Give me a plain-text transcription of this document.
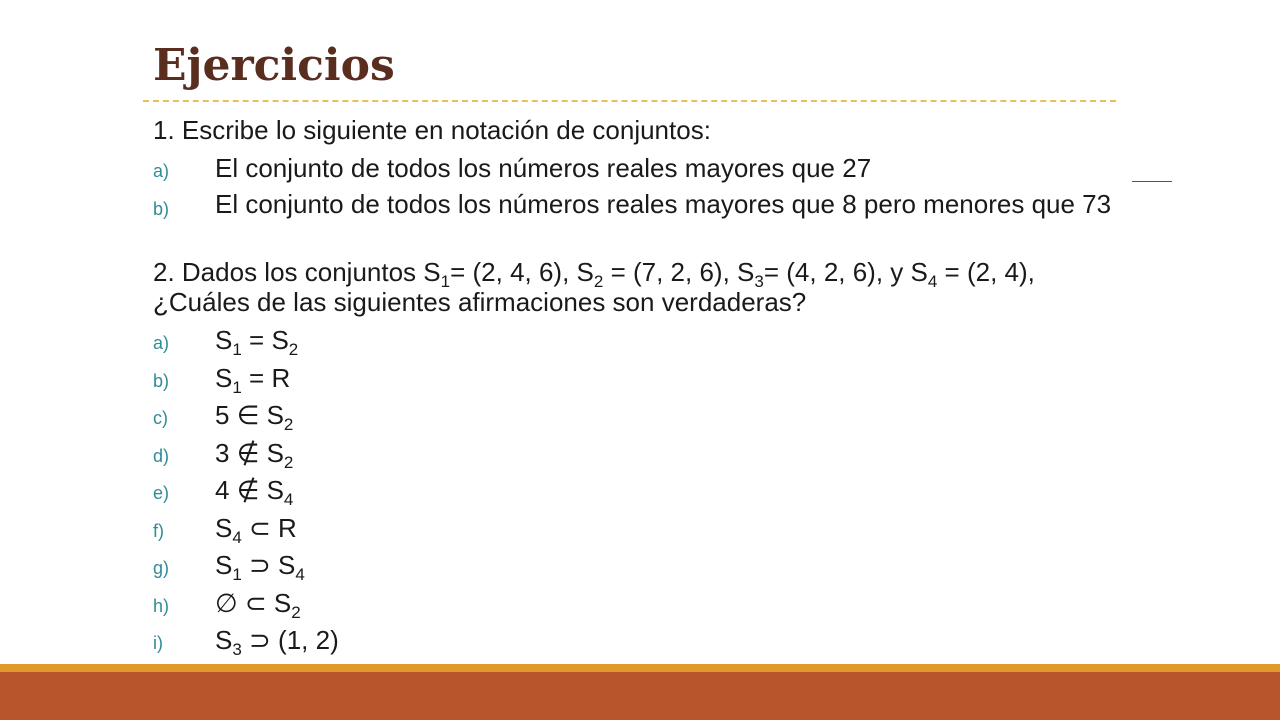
Ejercicios
1. Escribe lo siguiente en notación de conjuntos:
a)	El conjunto de todos los números reales mayores que 27
b)	El conjunto de todos los números reales mayores que 8 pero menores que 73
2. Dados los conjuntos $S_1= (2$, 4, 6), $S_2 = (7$, 2, 6), $S_3= (4$, 2, 6), y $S_4 = (2$, 4),
¿Cuáles de las siguientes afirmaciones son verdaderas?
a)	$S_1 = S_2$
b)	$S_1 = R$
c)	5 ∈ $S_2$
d)	3 ∉ $S_2$
e)	4 ∉ $S_4$
f)	$S_4$ ⊂ R
g)	$S_1$ ⊃ $S_4$
h)	∅ ⊂ $S_2$
i)	$S_3$ ⊃ (1, 2)
